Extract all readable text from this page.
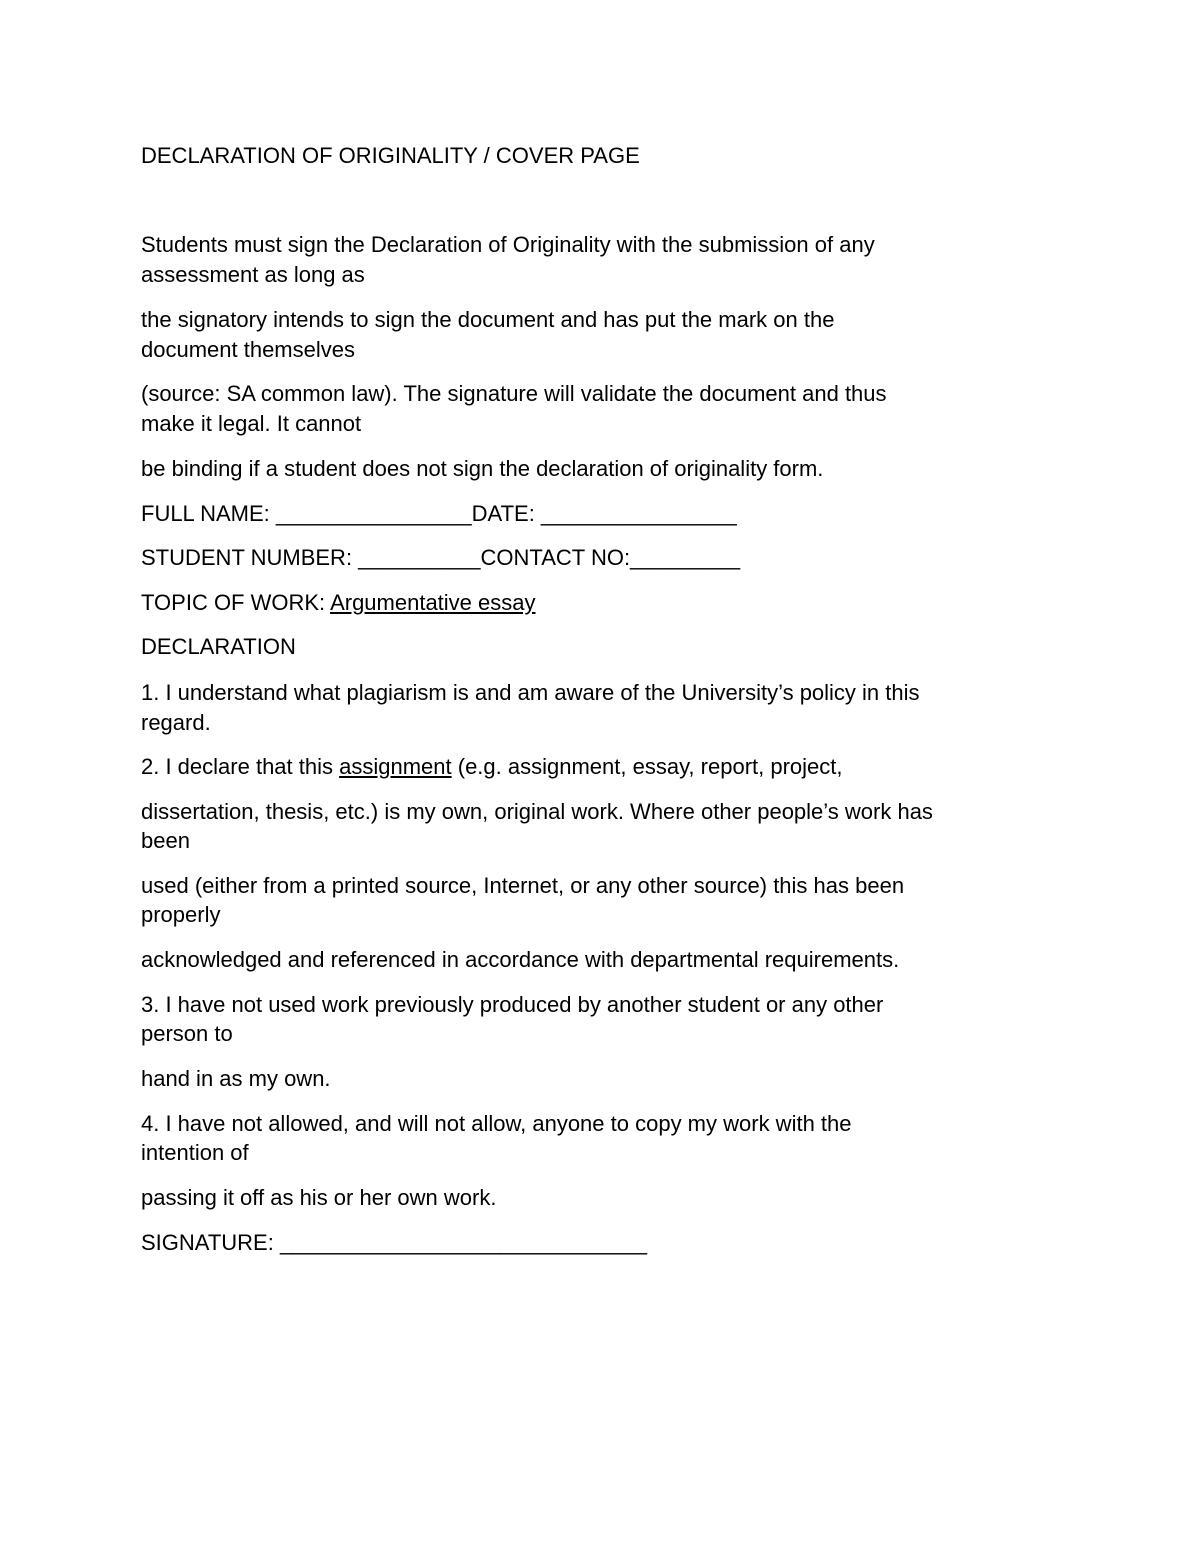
DECLARATION OF ORIGINALITY / COVER PAGE

Students must sign the Declaration of Originality with the submission of any

assessment as long as

the signatory intends to sign the document and has put the mark on the

document themselves

(source: SA common law). The signature will validate the document and thus

make it legal. It cannot

be binding if a student does not sign the declaration of originality form.

FULL NAME: ________________DATE: ________________

STUDENT NUMBER: __________CONTACT NO:_________

TOPIC OF WORK: Argumentative essay

DECLARATION

1. I understand what plagiarism is and am aware of the University’s policy in this

regard.

2. I declare that this assignment (e.g. assignment, essay, report, project,

dissertation, thesis, etc.) is my own, original work. Where other people’s work has

been

used (either from a printed source, Internet, or any other source) this has been

properly

acknowledged and referenced in accordance with departmental requirements.

3. I have not used work previously produced by another student or any other

person to

hand in as my own.

4. I have not allowed, and will not allow, anyone to copy my work with the

intention of

passing it off as his or her own work.

SIGNATURE: ______________________________
